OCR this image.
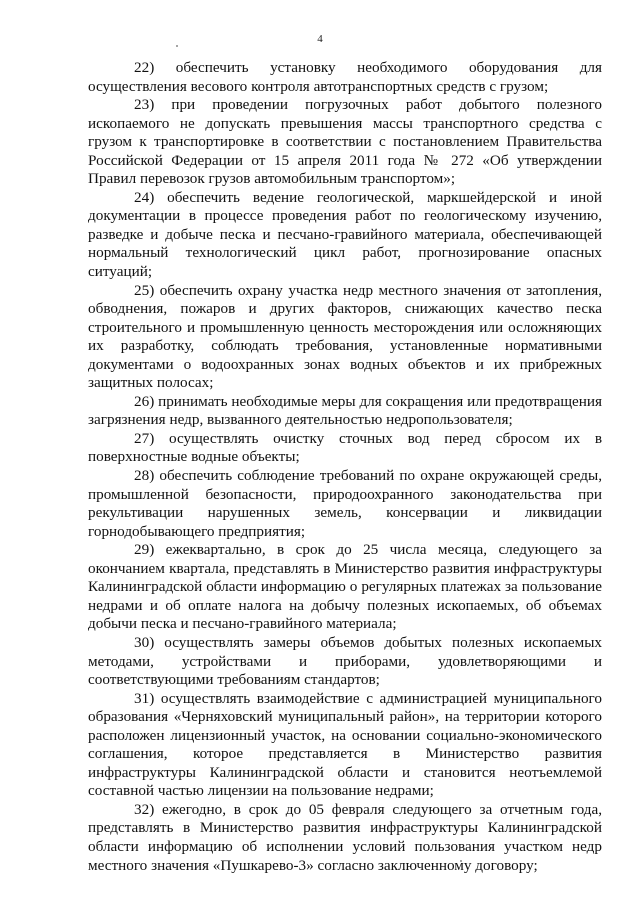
4

22) обеспечить установку необходимого оборудования для осуществления весового контроля автотранспортных средств с грузом;

23) при проведении погрузочных работ добытого полезного ископаемого не допускать превышения массы транспортного средства с грузом к транспортировке в соответствии с постановлением Правительства Российской Федерации от 15 апреля 2011 года № 272 «Об утверждении Правил перевозок грузов автомобильным транспортом»;

24) обеспечить ведение геологической, маркшейдерской и иной документации в процессе проведения работ по геологическому изучению, разведке и добыче песка и песчано-гравийного материала, обеспечивающей нормальный технологический цикл работ, прогнозирование опасных ситуаций;

25) обеспечить охрану участка недр местного значения от затопления, обводнения, пожаров и других факторов, снижающих качество песка строительного и промышленную ценность месторождения или осложняющих их разработку, соблюдать требования, установленные нормативными документами о водоохранных зонах водных объектов и их прибрежных защитных полосах;

26) принимать необходимые меры для сокращения или предотвращения загрязнения недр, вызванного деятельностью недропользователя;

27) осуществлять очистку сточных вод перед сбросом их в поверхностные водные объекты;

28) обеспечить соблюдение требований по охране окружающей среды, промышленной безопасности, природоохранного законодательства при рекультивации нарушенных земель, консервации и ликвидации горнодобывающего предприятия;

29) ежеквартально, в срок до 25 числа месяца, следующего за окончанием квартала, представлять в Министерство развития инфраструктуры Калининградской области информацию о регулярных платежах за пользование недрами и об оплате налога на добычу полезных ископаемых, об объемах добычи песка и песчано-гравийного материала;

30) осуществлять замеры объемов добытых полезных ископаемых методами, устройствами и приборами, удовлетворяющими и соответствующими требованиям стандартов;

31) осуществлять взаимодействие с администрацией муниципального образования «Черняховский муниципальный район», на территории которого расположен лицензионный участок, на основании социально-экономического соглашения, которое представляется в Министерство развития инфраструктуры Калининградской области и становится неотъемлемой составной частью лицензии на пользование недрами;

32) ежегодно, в срок до 05 февраля следующего за отчетным года, представлять в Министерство развития инфраструктуры Калининградской области информацию об исполнении условий пользования участком недр местного значения «Пушкарево-3» согласно заключенному договору;
